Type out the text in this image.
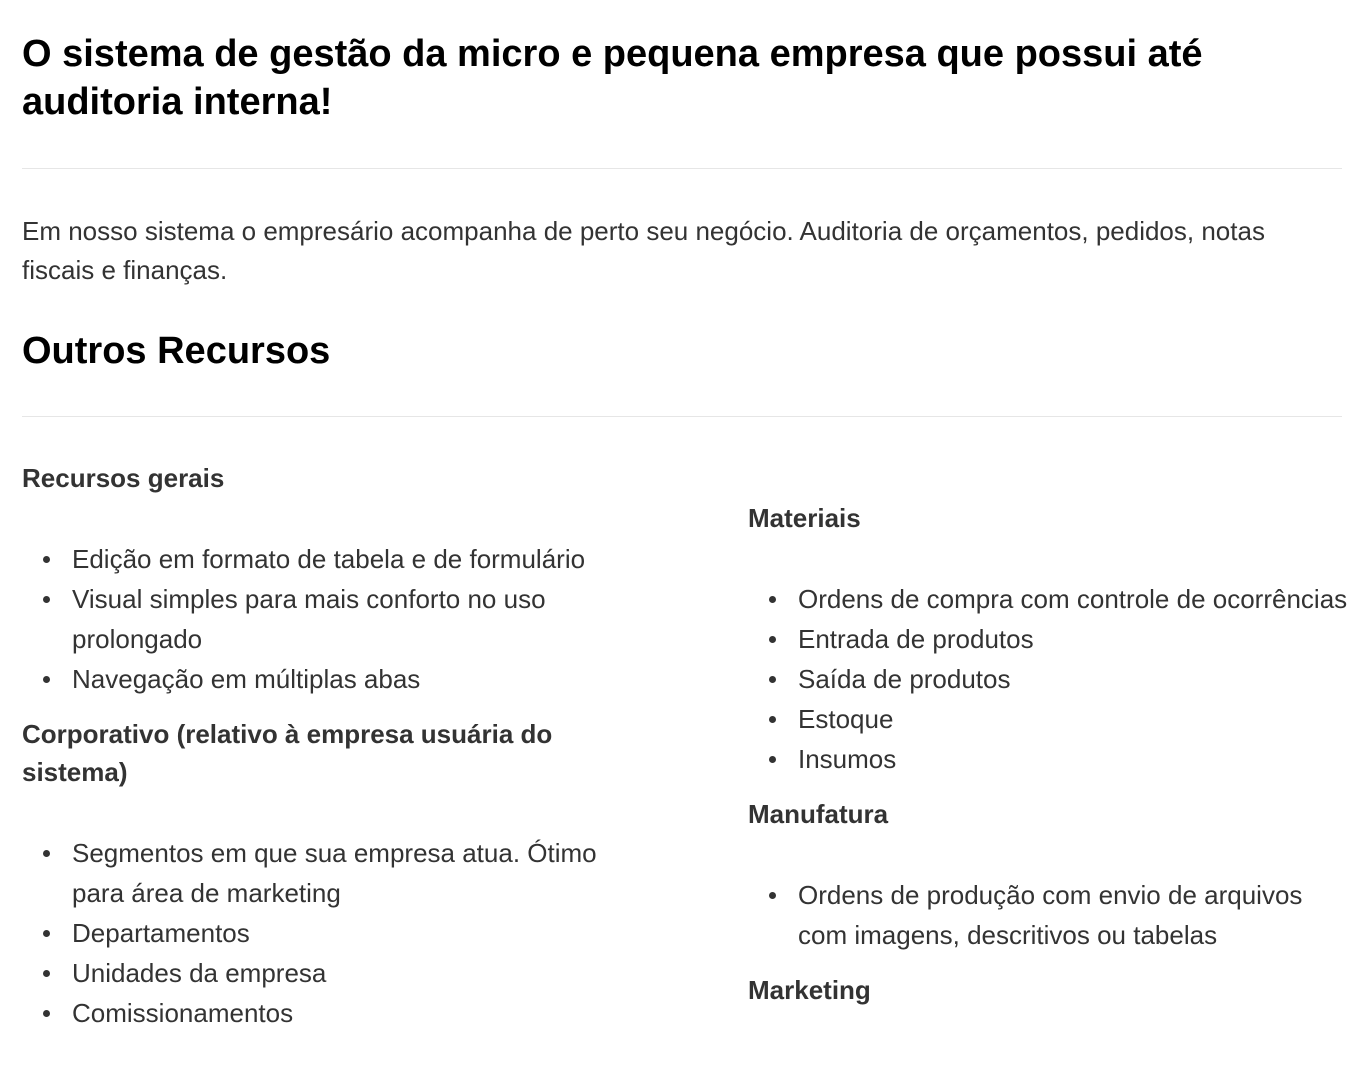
O sistema de gestão da micro e pequena empresa que possui até auditoria interna!

Em nosso sistema o empresário acompanha de perto seu negócio. Auditoria de orçamentos, pedidos, notas fiscais e finanças.

Outros Recursos
Recursos gerais
Edição em formato de tabela e de formulário
Visual simples para mais conforto no uso prolongado
Navegação em múltiplas abas
Corporativo (relativo à empresa usuária do sistema)
Segmentos em que sua empresa atua. Ótimo para área de marketing
Departamentos
Unidades da empresa
Comissionamentos
Materiais
Ordens de compra com controle de ocorrências
Entrada de produtos
Saída de produtos
Estoque
Insumos
Manufatura
Ordens de produção com envio de arquivos com imagens, descritivos ou tabelas
Marketing
